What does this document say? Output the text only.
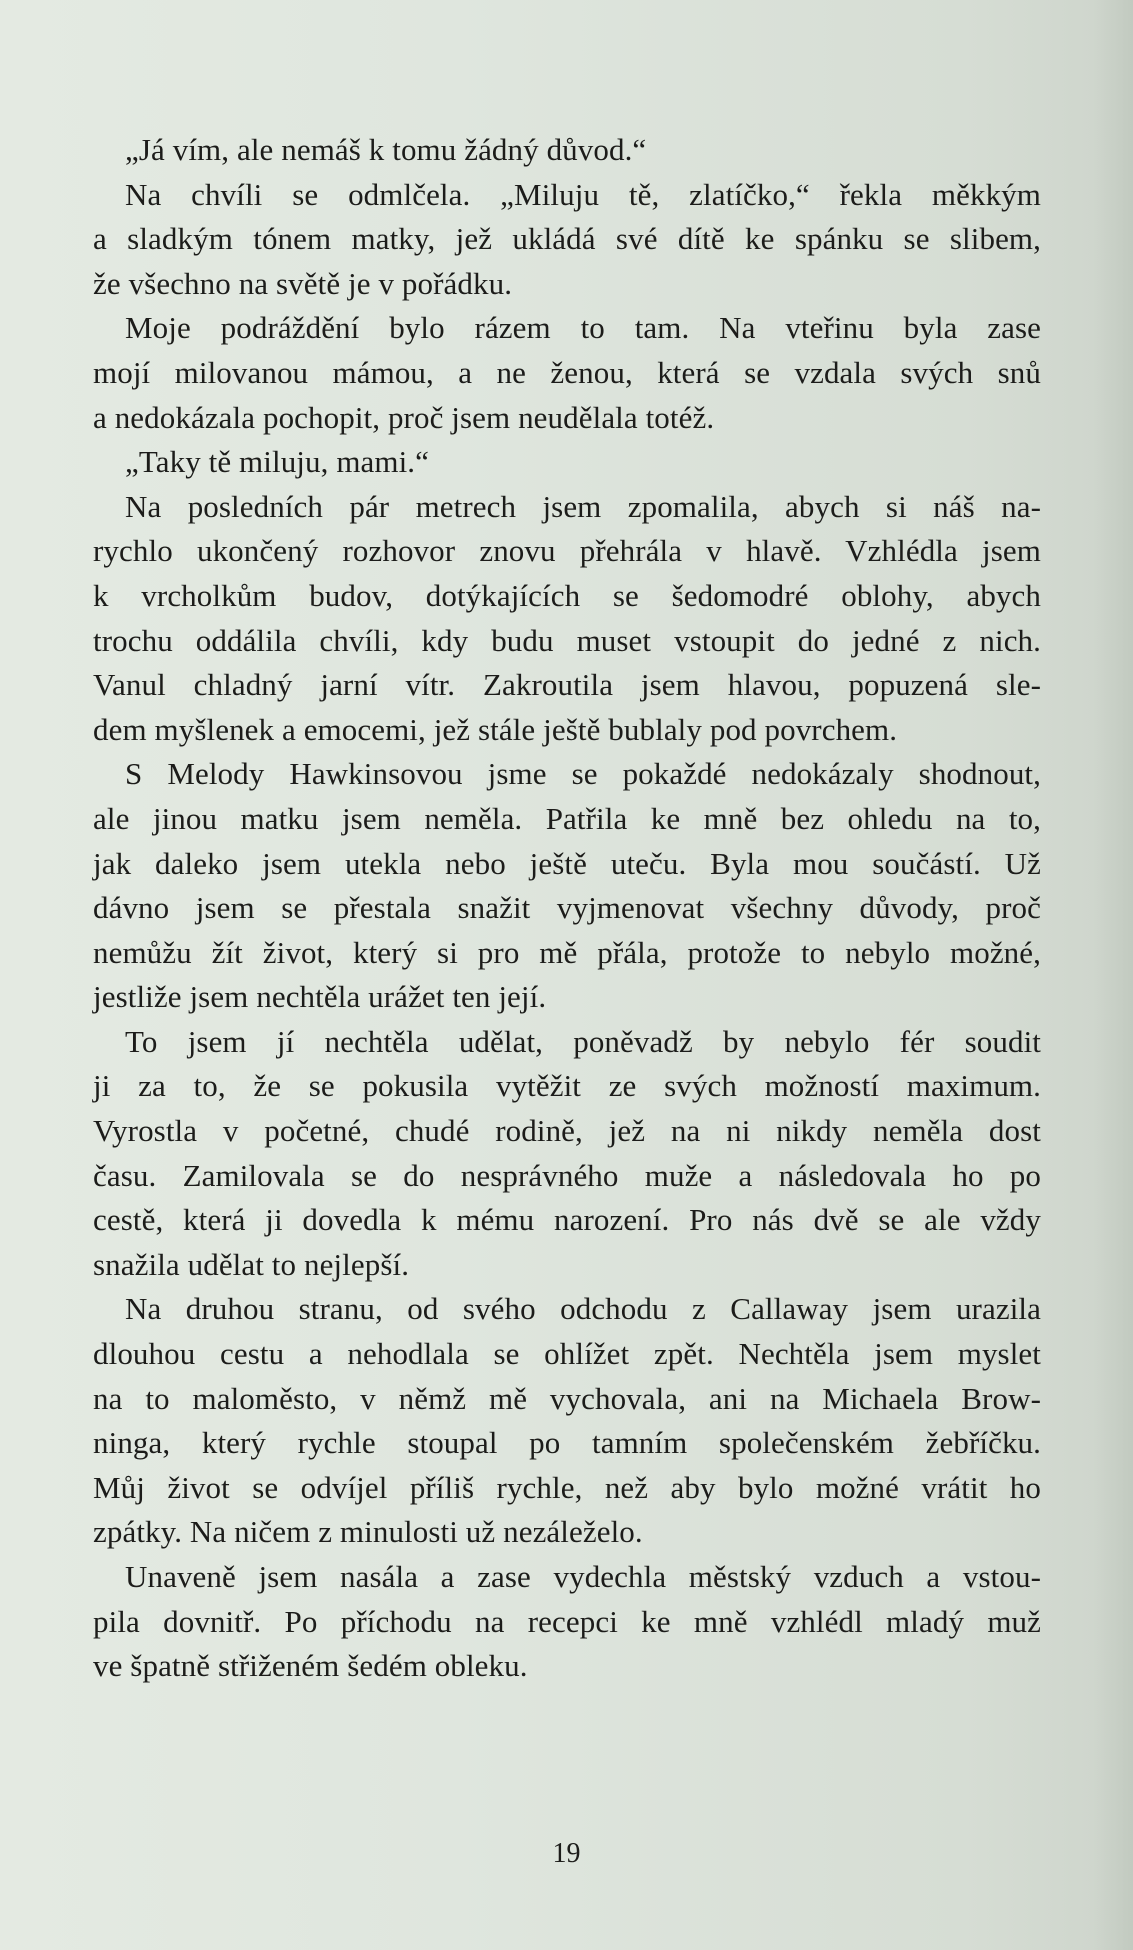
„Já vím, ale nemáš k tomu žádný důvod.“
Na chvíli se odmlčela. „Miluju tě, zlatíčko,“ řekla měkkým
a sladkým tónem matky, jež ukládá své dítě ke spánku se slibem,
že všechno na světě je v pořádku.
Moje podráždění bylo rázem to tam. Na vteřinu byla zase
mojí milovanou mámou, a ne ženou, která se vzdala svých snů
a nedokázala pochopit, proč jsem neudělala totéž.
„Taky tě miluju, mami.“
Na posledních pár metrech jsem zpomalila, abych si náš na-
rychlo ukončený rozhovor znovu přehrála v hlavě. Vzhlédla jsem
k vrcholkům budov, dotýkajících se šedomodré oblohy, abych
trochu oddálila chvíli, kdy budu muset vstoupit do jedné z nich.
Vanul chladný jarní vítr. Zakroutila jsem hlavou, popuzená sle-
dem myšlenek a emocemi, jež stále ještě bublaly pod povrchem.
S Melody Hawkinsovou jsme se pokaždé nedokázaly shodnout,
ale jinou matku jsem neměla. Patřila ke mně bez ohledu na to,
jak daleko jsem utekla nebo ještě uteču. Byla mou součástí. Už
dávno jsem se přestala snažit vyjmenovat všechny důvody, proč
nemůžu žít život, který si pro mě přála, protože to nebylo možné,
jestliže jsem nechtěla urážet ten její.
To jsem jí nechtěla udělat, poněvadž by nebylo fér soudit
ji za to, že se pokusila vytěžit ze svých možností maximum.
Vyrostla v početné, chudé rodině, jež na ni nikdy neměla dost
času. Zamilovala se do nesprávného muže a následovala ho po
cestě, která ji dovedla k mému narození. Pro nás dvě se ale vždy
snažila udělat to nejlepší.
Na druhou stranu, od svého odchodu z Callaway jsem urazila
dlouhou cestu a nehodlala se ohlížet zpět. Nechtěla jsem myslet
na to maloměsto, v němž mě vychovala, ani na Michaela Brow-
ninga, který rychle stoupal po tamním společenském žebříčku.
Můj život se odvíjel příliš rychle, než aby bylo možné vrátit ho
zpátky. Na ničem z minulosti už nezáleželo.
Unaveně jsem nasála a zase vydechla městský vzduch a vstou-
pila dovnitř. Po příchodu na recepci ke mně vzhlédl mladý muž
ve špatně střiženém šedém obleku.
19
